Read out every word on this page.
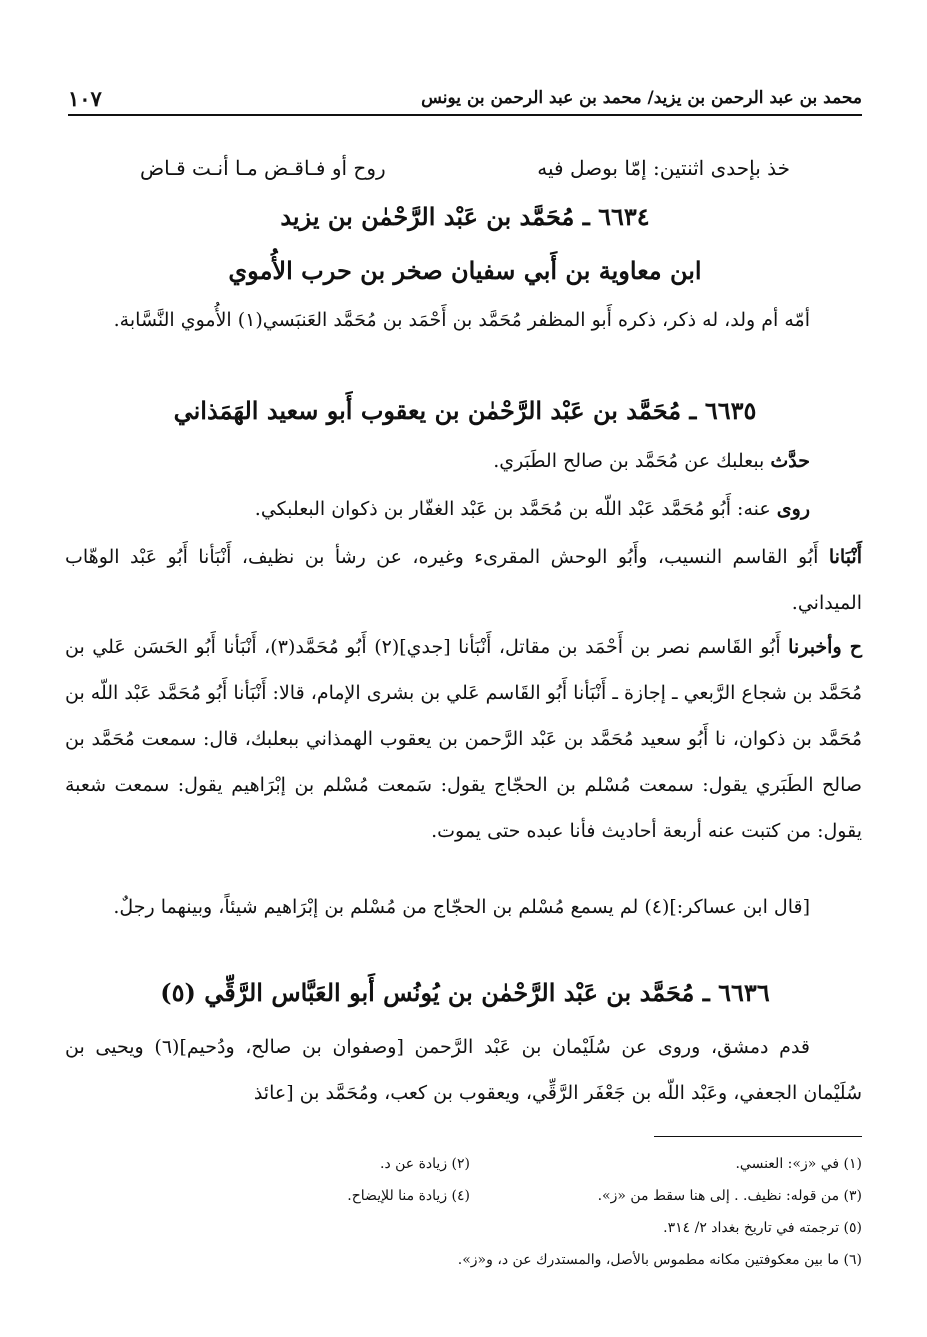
محمد بن عبد الرحمن بن يزيد/ محمد بن عبد الرحمن بن يونس
١٠٧
خذ بإحدى اثنتين: إمّا بوصل فيه
روح أو فـاقـض مـا أنـت قـاض
٦٦٣٤ ـ مُحَمَّد بن عَبْد الرَّحْمٰن بن يزيد
ابن معاوية بن أَبي سفيان صخر بن حرب الأُموي
أمّه أم ولد، له ذكر، ذكره أَبو المظفر مُحَمَّد بن أَحْمَد بن مُحَمَّد العَنبَسي(١) الأُموي النَّسَّابة.
٦٦٣٥ ـ مُحَمَّد بن عَبْد الرَّحْمٰن بن يعقوب أَبو سعيد الهَمَذاني
حدَّث ببعلبك عن مُحَمَّد بن صالح الطَبَري.
روى عنه: أَبُو مُحَمَّد عَبْد اللّه بن مُحَمَّد بن عَبْد الغفّار بن ذكوان البعلبكي.
أَنْبَانا أَبُو القاسم النسيب، وأَبُو الوحش المقرىء وغيره، عن رشأ بن نظيف، أَنْبَأنا أَبُو عَبْد الوهّاب الميداني.
ح وأخبرنا أَبُو القَاسم نصر بن أَحْمَد بن مقاتل، أَنْبَأنا [جدي](٢) أَبُو مُحَمَّد(٣)، أَنْبَأنا أَبُو الحَسَن عَلي بن مُحَمَّد بن شجاع الرَّبعي ـ إجازة ـ أَنْبَأنا أَبُو القَاسم عَلي بن بشرى الإمام، قالا: أَنْبَأنا أَبُو مُحَمَّد عَبْد اللّه بن مُحَمَّد بن ذكوان، نا أَبُو سعيد مُحَمَّد بن عَبْد الرَّحمن بن يعقوب الهمذاني ببعلبك، قال: سمعت مُحَمَّد بن صالح الطَبَري يقول: سمعت مُسْلم بن الحجّاج يقول: سَمعت مُسْلم بن إبْرَاهيم يقول: سمعت شعبة يقول: من كتبت عنه أربعة أحاديث فأنا عبده حتى يموت.
[قال ابن عساكر:](٤) لم يسمع مُسْلم بن الحجّاج من مُسْلم بن إبْرَاهيم شيئاً، وبينهما رجلٌ.
٦٦٣٦ ـ مُحَمَّد بن عَبْد الرَّحْمٰن بن يُونُس أَبو العَبَّاس الرَّقِّي (٥)
قدم دمشق، وروى عن سُلَيْمان بن عَبْد الرَّحمن [وصفوان بن صالح، ودُحيم](٦) ويحيى بن سُلَيْمان الجعفي، وعَبْد اللّه بن جَعْفَر الرَّقِّي، ويعقوب بن كعب، ومُحَمَّد بن [عائذ
(١) في «ز»: العنسي.
(٢) زيادة عن د.
(٣) من قوله: نظيف. . إلى هنا سقط من «ز».
(٤) زيادة منا للإيضاح.
(٥) ترجمته في تاريخ بغداد ٢/ ٣١٤.
(٦) ما بين معكوفتين مكانه مطموس بالأصل، والمستدرك عن د، و«ز».
